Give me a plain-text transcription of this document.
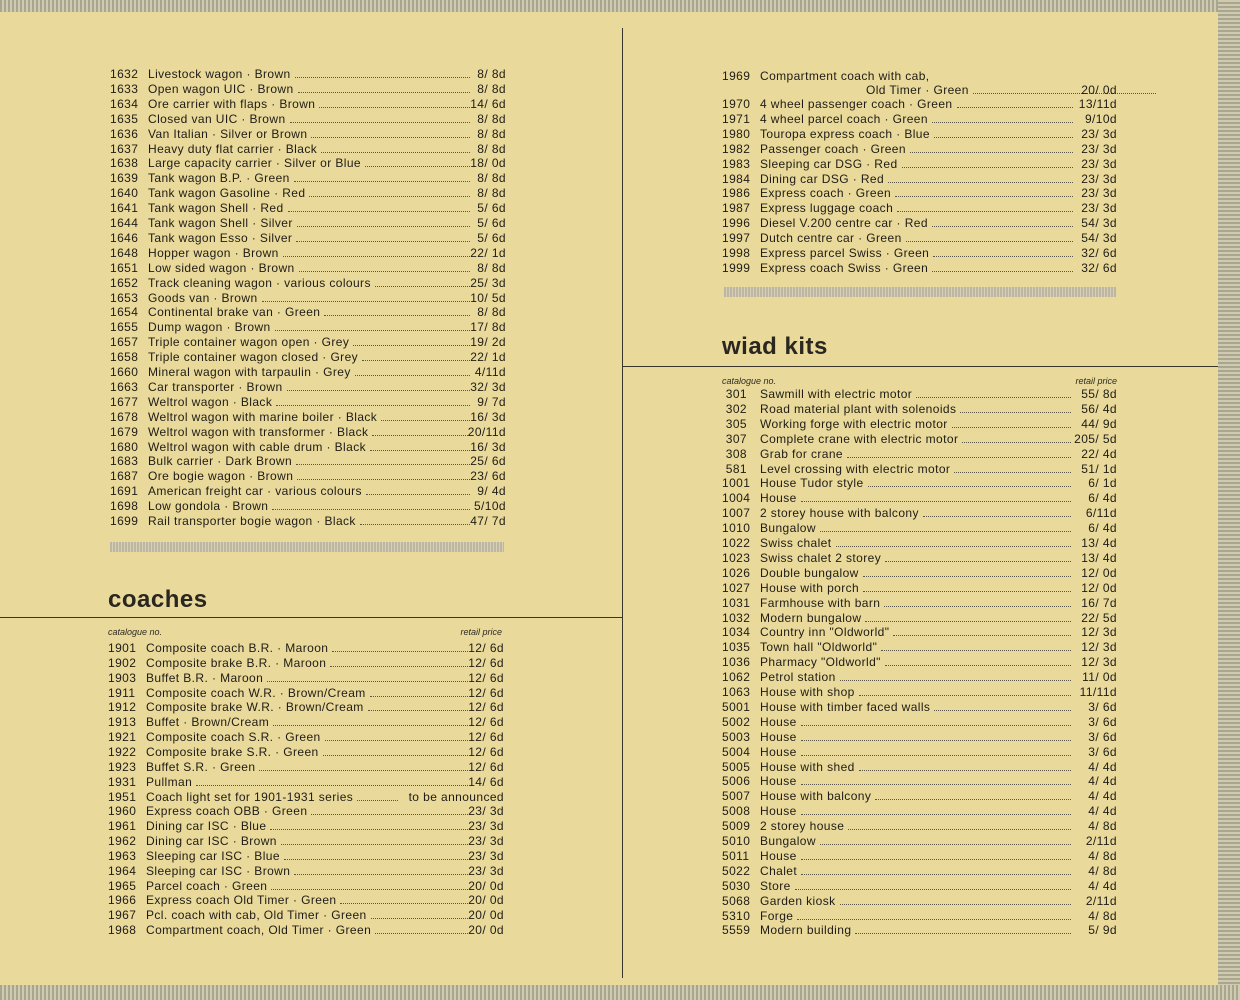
1632 Livestock wagon · Brown	8/ 8d
1633 Open wagon UIC · Brown	8/ 8d
1634 Ore carrier with flaps · Brown	14/ 6d
1635 Closed van UIC · Brown	8/ 8d
1636 Van Italian · Silver or Brown	8/ 8d
1637 Heavy duty flat carrier · Black	8/ 8d
1638 Large capacity carrier · Silver or Blue	18/ 0d
1639 Tank wagon B.P. · Green	8/ 8d
1640 Tank wagon Gasoline · Red	8/ 8d
1641 Tank wagon Shell · Red	5/ 6d
1644 Tank wagon Shell · Silver	5/ 6d
1646 Tank wagon Esso · Silver	5/ 6d
1648 Hopper wagon · Brown	22/ 1d
1651 Low sided wagon · Brown	8/ 8d
1652 Track cleaning wagon · various colours	25/ 3d
1653 Goods van · Brown	10/ 5d
1654 Continental brake van · Green	8/ 8d
1655 Dump wagon · Brown	17/ 8d
1657 Triple container wagon open · Grey	19/ 2d
1658 Triple container wagon closed · Grey	22/ 1d
1660 Mineral wagon with tarpaulin · Grey	4/11d
1663 Car transporter · Brown	32/ 3d
1677 Weltrol wagon · Black	9/ 7d
1678 Weltrol wagon with marine boiler · Black	16/ 3d
1679 Weltrol wagon with transformer · Black	20/11d
1680 Weltrol wagon with cable drum · Black	16/ 3d
1683 Bulk carrier · Dark Brown	25/ 6d
1687 Ore bogie wagon · Brown	23/ 6d
1691 American freight car · various colours	9/ 4d
1698 Low gondola · Brown	5/10d
1699 Rail transporter bogie wagon · Black	47/ 7d
coaches
catalogue no.	retail price
1901 Composite coach B.R. · Maroon	12/ 6d
1902 Composite brake B.R. · Maroon	12/ 6d
1903 Buffet B.R. · Maroon	12/ 6d
1911 Composite coach W.R. · Brown/Cream	12/ 6d
1912 Composite brake W.R. · Brown/Cream	12/ 6d
1913 Buffet · Brown/Cream	12/ 6d
1921 Composite coach S.R. · Green	12/ 6d
1922 Composite brake S.R. · Green	12/ 6d
1923 Buffet S.R. · Green	12/ 6d
1931 Pullman	14/ 6d
1951 Coach light set for 1901-1931 series	to be announced
1960 Express coach OBB · Green	23/ 3d
1961 Dining car ISC · Blue	23/ 3d
1962 Dining car ISC · Brown	23/ 3d
1963 Sleeping car ISC · Blue	23/ 3d
1964 Sleeping car ISC · Brown	23/ 3d
1965 Parcel coach · Green	20/ 0d
1966 Express coach Old Timer · Green	20/ 0d
1967 Pcl. coach with cab, Old Timer · Green	20/ 0d
1968 Compartment coach, Old Timer · Green	20/ 0d
1969 Compartment coach with cab,
Old Timer · Green	20/ 0d
1970 4 wheel passenger coach · Green	13/11d
1971 4 wheel parcel coach · Green	9/10d
1980 Touropa express coach · Blue	23/ 3d
1982 Passenger coach · Green	23/ 3d
1983 Sleeping car DSG · Red	23/ 3d
1984 Dining car DSG · Red	23/ 3d
1986 Express coach · Green	23/ 3d
1987 Express luggage coach	23/ 3d
1996 Diesel V.200 centre car · Red	54/ 3d
1997 Dutch centre car · Green	54/ 3d
1998 Express parcel Swiss · Green	32/ 6d
1999 Express coach Swiss · Green	32/ 6d
wiad kits
catalogue no.	retail price
301 Sawmill with electric motor	55/ 8d
302 Road material plant with solenoids	56/ 4d
305 Working forge with electric motor	44/ 9d
307 Complete crane with electric motor	205/ 5d
308 Grab for crane	22/ 4d
581 Level crossing with electric motor	51/ 1d
1001 House Tudor style	6/ 1d
1004 House	6/ 4d
1007 2 storey house with balcony	6/11d
1010 Bungalow	6/ 4d
1022 Swiss chalet	13/ 4d
1023 Swiss chalet 2 storey	13/ 4d
1026 Double bungalow	12/ 0d
1027 House with porch	12/ 0d
1031 Farmhouse with barn	16/ 7d
1032 Modern bungalow	22/ 5d
1034 Country inn "Oldworld"	12/ 3d
1035 Town hall "Oldworld"	12/ 3d
1036 Pharmacy "Oldworld"	12/ 3d
1062 Petrol station	11/ 0d
1063 House with shop	11/11d
5001 House with timber faced walls	3/ 6d
5002 House	3/ 6d
5003 House	3/ 6d
5004 House	3/ 6d
5005 House with shed	4/ 4d
5006 House	4/ 4d
5007 House with balcony	4/ 4d
5008 House	4/ 4d
5009 2 storey house	4/ 8d
5010 Bungalow	2/11d
5011 House	4/ 8d
5022 Chalet	4/ 8d
5030 Store	4/ 4d
5068 Garden kiosk	2/11d
5310 Forge	4/ 8d
5559 Modern building	5/ 9d
